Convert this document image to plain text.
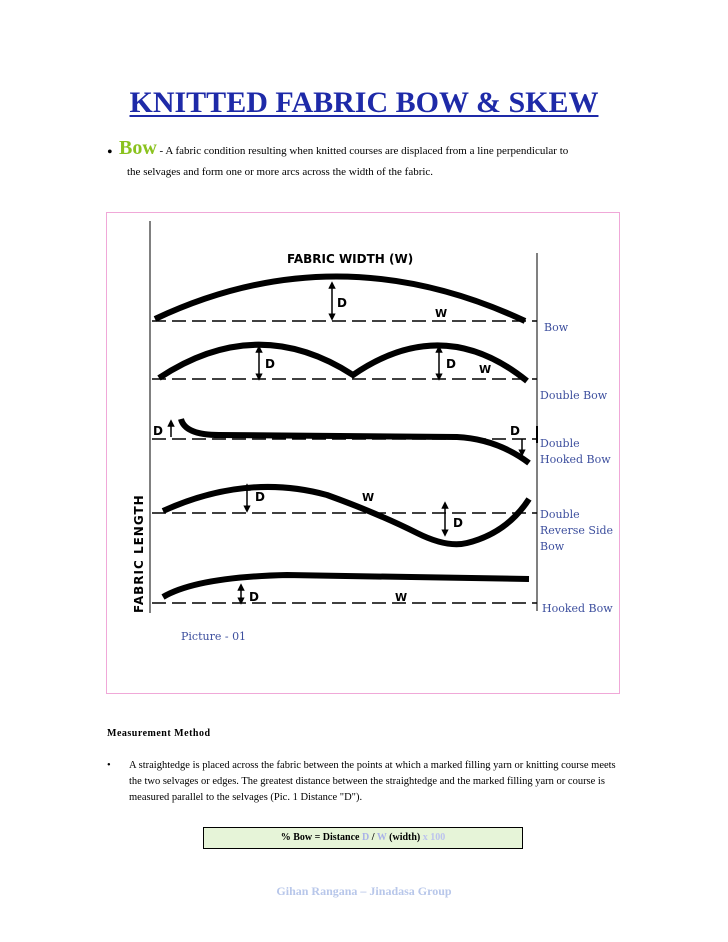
KNITTED FABRIC BOW & SKEW
• Bow - A fabric condition resulting when knitted courses are displaced from a line perpendicular to
the selvages and form one or more arcs across the width of the fabric.
FABRIC WIDTH (W)
FABRIC LENGTH
D
W
Bow
D	D W
Double Bow
D	D
Double
Hooked Bow
D	W
D
Double
Reverse Side
Bow
D	W
Hooked Bow
Picture - 01
Measurement Method
• A straightedge is placed across the fabric between the points at which a marked filling yarn or knitting course meets the two selvages or edges. The greatest distance between the straightedge and the marked filling yarn or course is measured parallel to the selvages (Pic. 1 Distance "D").
% Bow = Distance D / W (width) x 100
Gihan Rangana – Jinadasa Group
